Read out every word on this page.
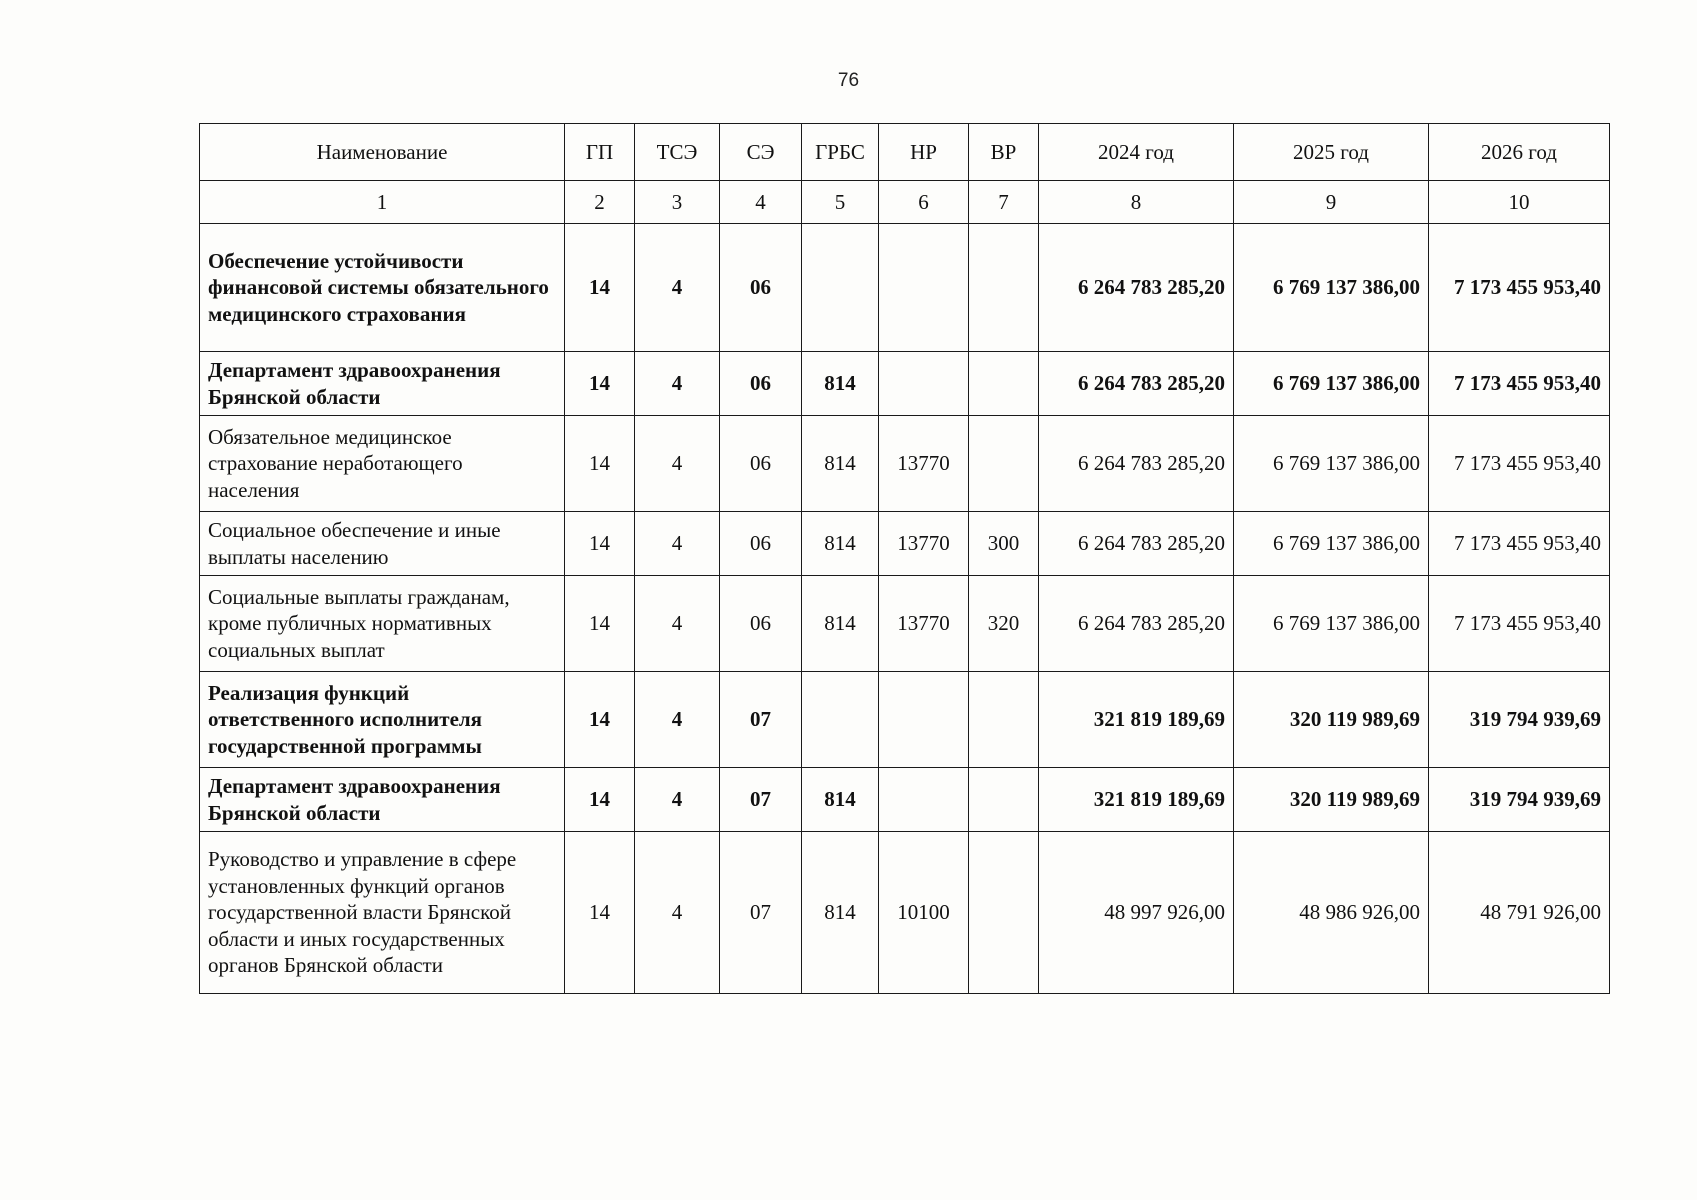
76
Наименование	ГП	ТСЭ	СЭ	ГРБС	НР	ВР	2024 год	2025 год	2026 год
1	2	3	4	5	6	7	8	9	10
Обеспечение устойчивости финансовой системы обязательного медицинского страхования	14	4	06				6 264 783 285,20	6 769 137 386,00	7 173 455 953,40
Департамент здравоохранения Брянской области	14	4	06	814			6 264 783 285,20	6 769 137 386,00	7 173 455 953,40
Обязательное медицинское страхование неработающего населения	14	4	06	814	13770		6 264 783 285,20	6 769 137 386,00	7 173 455 953,40
Социальное обеспечение и иные выплаты населению	14	4	06	814	13770	300	6 264 783 285,20	6 769 137 386,00	7 173 455 953,40
Социальные выплаты гражданам, кроме публичных нормативных социальных выплат	14	4	06	814	13770	320	6 264 783 285,20	6 769 137 386,00	7 173 455 953,40
Реализация функций ответственного исполнителя государственной программы	14	4	07				321 819 189,69	320 119 989,69	319 794 939,69
Департамент здравоохранения Брянской области	14	4	07	814			321 819 189,69	320 119 989,69	319 794 939,69
Руководство и управление в сфере установленных функций органов государственной власти Брянской области и иных государственных органов Брянской области	14	4	07	814	10100		48 997 926,00	48 986 926,00	48 791 926,00
